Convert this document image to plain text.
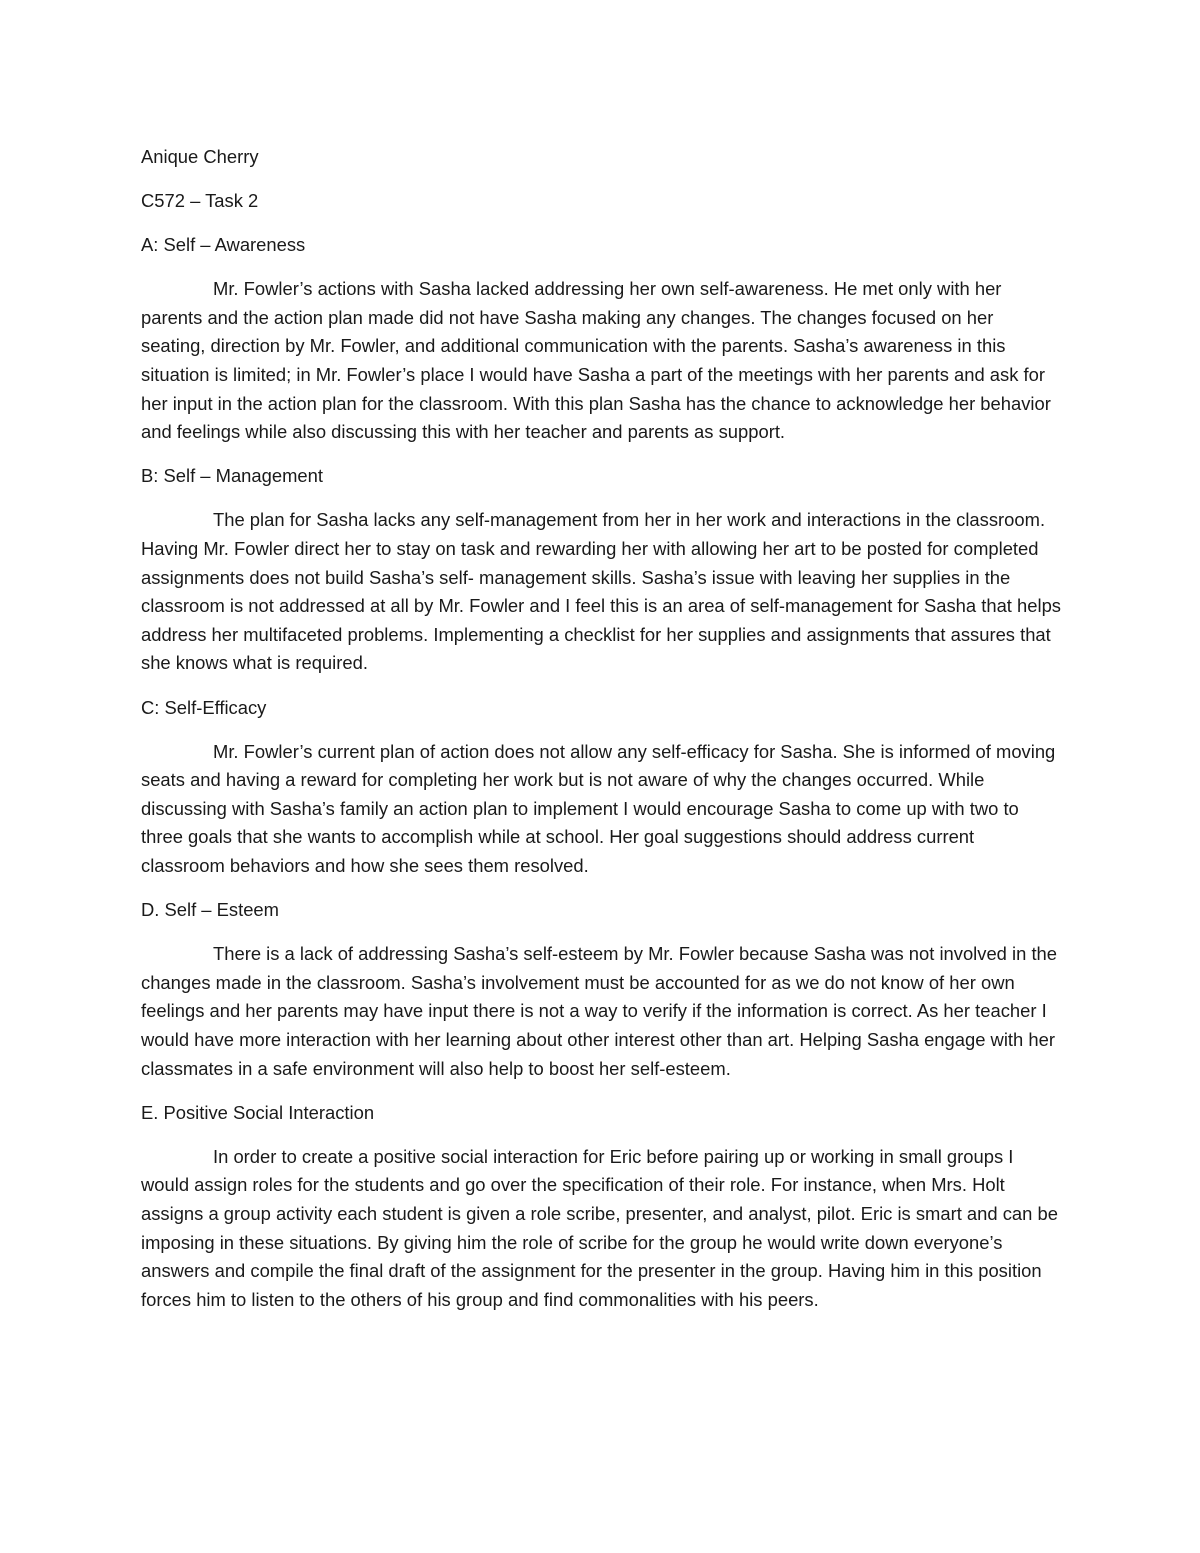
Anique Cherry
C572 – Task 2
A: Self – Awareness
Mr. Fowler’s actions with Sasha lacked addressing her own self-awareness. He met only with her parents and the action plan made did not have Sasha making any changes. The changes focused on her seating, direction by Mr. Fowler, and additional communication with the parents. Sasha’s awareness in this situation is limited; in Mr. Fowler’s place I would have Sasha a part of the meetings with her parents and ask for her input in the action plan for the classroom. With this plan Sasha has the chance to acknowledge her behavior and feelings while also discussing this with her teacher and parents as support.
B: Self – Management
The plan for Sasha lacks any self-management from her in her work and interactions in the classroom. Having Mr. Fowler direct her to stay on task and rewarding her with allowing her art to be posted for completed assignments does not build Sasha’s self- management skills. Sasha’s issue with leaving her supplies in the classroom is not addressed at all by Mr. Fowler and I feel this is an area of self-management for Sasha that helps address her multifaceted problems. Implementing a checklist for her supplies and assignments that assures that she knows what is required.
C: Self-Efficacy
Mr. Fowler’s current plan of action does not allow any self-efficacy for Sasha. She is informed of moving seats and having a reward for completing her work but is not aware of why the changes occurred. While discussing with Sasha’s family an action plan to implement I would encourage Sasha to come up with two to three goals that she wants to accomplish while at school. Her goal suggestions should address current classroom behaviors and how she sees them resolved.
D. Self – Esteem
There is a lack of addressing Sasha’s self-esteem by Mr. Fowler because Sasha was not involved in the changes made in the classroom. Sasha’s involvement must be accounted for as we do not know of her own feelings and her parents may have input there is not a way to verify if the information is correct. As her teacher I would have more interaction with her learning about other interest other than art. Helping Sasha engage with her classmates in a safe environment will also help to boost her self-esteem.
E. Positive Social Interaction
In order to create a positive social interaction for Eric before pairing up or working in small groups I would assign roles for the students and go over the specification of their role. For instance, when Mrs. Holt assigns a group activity each student is given a role scribe, presenter, and analyst, pilot. Eric is smart and can be imposing in these situations. By giving him the role of scribe for the group he would write down everyone’s answers and compile the final draft of the assignment for the presenter in the group. Having him in this position forces him to listen to the others of his group and find commonalities with his peers.
